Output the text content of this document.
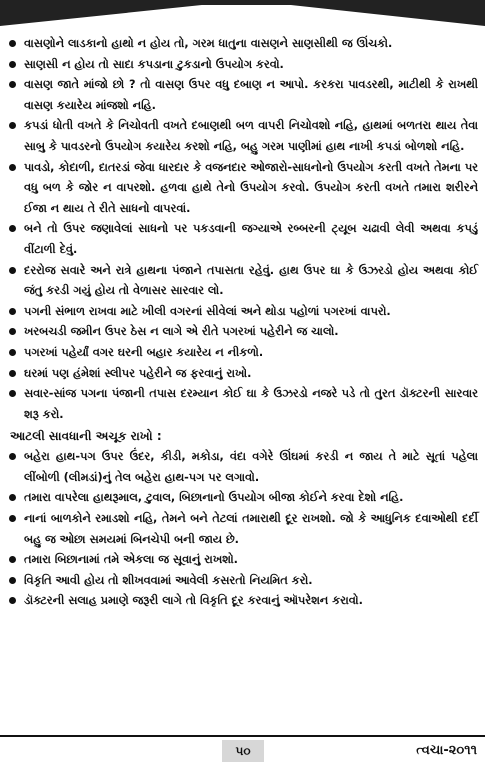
વાસણોને લાડકાનો હાથો ન હોય તો, ગરમ ધાતુના વાસણને સાણસીથી જ ઊંચકો.
સાણસી ન હોય તો સાદા કપડાના ટુકડાનો ઉપયોગ કરવો.
વાસણ જાતે માંજો છો ? તો વાસણ ઉપર વધુ દબાણ ન આપો. કરકરા પાવડરથી, માટીથી કે રાખથી વાસણ કયારેય માંજશો નહિ.
કપડાં ધોતી વખતે કે નિચોવતી વખતે દબાણથી બળ વાપરી નિચોવશો નહિ, હાથમાં બળતરા થાય તેવા સાબુ કે પાવડરનો ઉપયોગ કયારેય કરશો નહિ, બહુ ગરમ પાણીમાં હાથ નાખી કપડાં બોળશો નહિ.
પાવડો, કોદાળી, દાતરડાં જેવા ધારદાર કે વજનદાર ઓજારો-સાધનોનો ઉપયોગ કરતી વખતે તેમના પર વધુ બળ કે જોર ન વાપરશો. હળવા હાથે તેનો ઉપયોગ કરવો. ઉપયોગ કરતી વખતે તમારા શરીરને ઈજા ન થાય તે રીતે સાધનો વાપરવાં.
બને તો ઉપર જણાવેલાં સાધનો પર પકડવાની જગ્યાએ રબ્બરની ટ્યૂબ ચઢાવી લેવી અથવા કપડું વીંટાળી દેવું.
દરરોજ સવારે અને રાત્રે હાથના પંજાને તપાસતા રહેવું. હાથ ઉપર ઘા કે ઉઝરડો હોય અથવા કોઈ જંતુ કરડી ગયું હોય તો વેળાસર સારવાર લો.
પગની સંભાળ રાખવા માટે ખીલી વગરનાં સીવેલાં અને થોડા પહોળાં પગરખાં વાપરો.
ખરબચડી જમીન ઉપર ઠેસ ન લાગે એ રીતે પગરખાં પહેરીને જ ચાલો.
પગરખાં પહેર્યાં વગર ઘરની બહાર કયારેય ન નીકળો.
ઘરમાં પણ હંમેશાં સ્લીપર પહેરીને જ ફરવાનું રાખો.
સવાર-સાંજ પગના પંજાની તપાસ દરમ્યાન કોઈ ઘા કે ઉઝરડો નજરે પડે તો તુરત ડૉક્ટરની સારવાર શરૂ કરો.
આટલી સાવધાની અચૂક રાખો :
બહેરા હાથ-પગ ઉપર ઉંદર, કીડી, મકોડા, વંદા વગેરે ઊંઘમાં કરડી ન જાય તે માટે સૂતાં પહેલા લીંબોળી (લીમડાં)નું તેલ બહેરા હાથ-પગ પર લગાવો.
તમારા વાપરેલા હાથરૂમાલ, ટુવાલ, બિછાનાનો ઉપયોગ બીજા કોઈને કરવા દેશો નહિ.
નાનાં બાળકોને રમાડશો નહિ, તેમને બને તેટલાં તમારાથી દૂર રાખશો. જો કે આધુનિક દવાઓથી દર્દી બહુ જ ઓછા સમયમાં બિનચેપી બની જાય છે.
તમારા બિછાનામાં તમે એકલા જ સૂવાનું રાખશો.
વિકૃતિ આવી હોય તો શીખવવામાં આવેલી કસરતો નિયમિત કરો.
ડૉક્ટરની સલાહ પ્રમાણે જરૂરી લાગે તો વિકૃતિ દૂર કરવાનું ઑપરેશન કરાવો.
૫૦	ત્વચા-૨૦૧૧
